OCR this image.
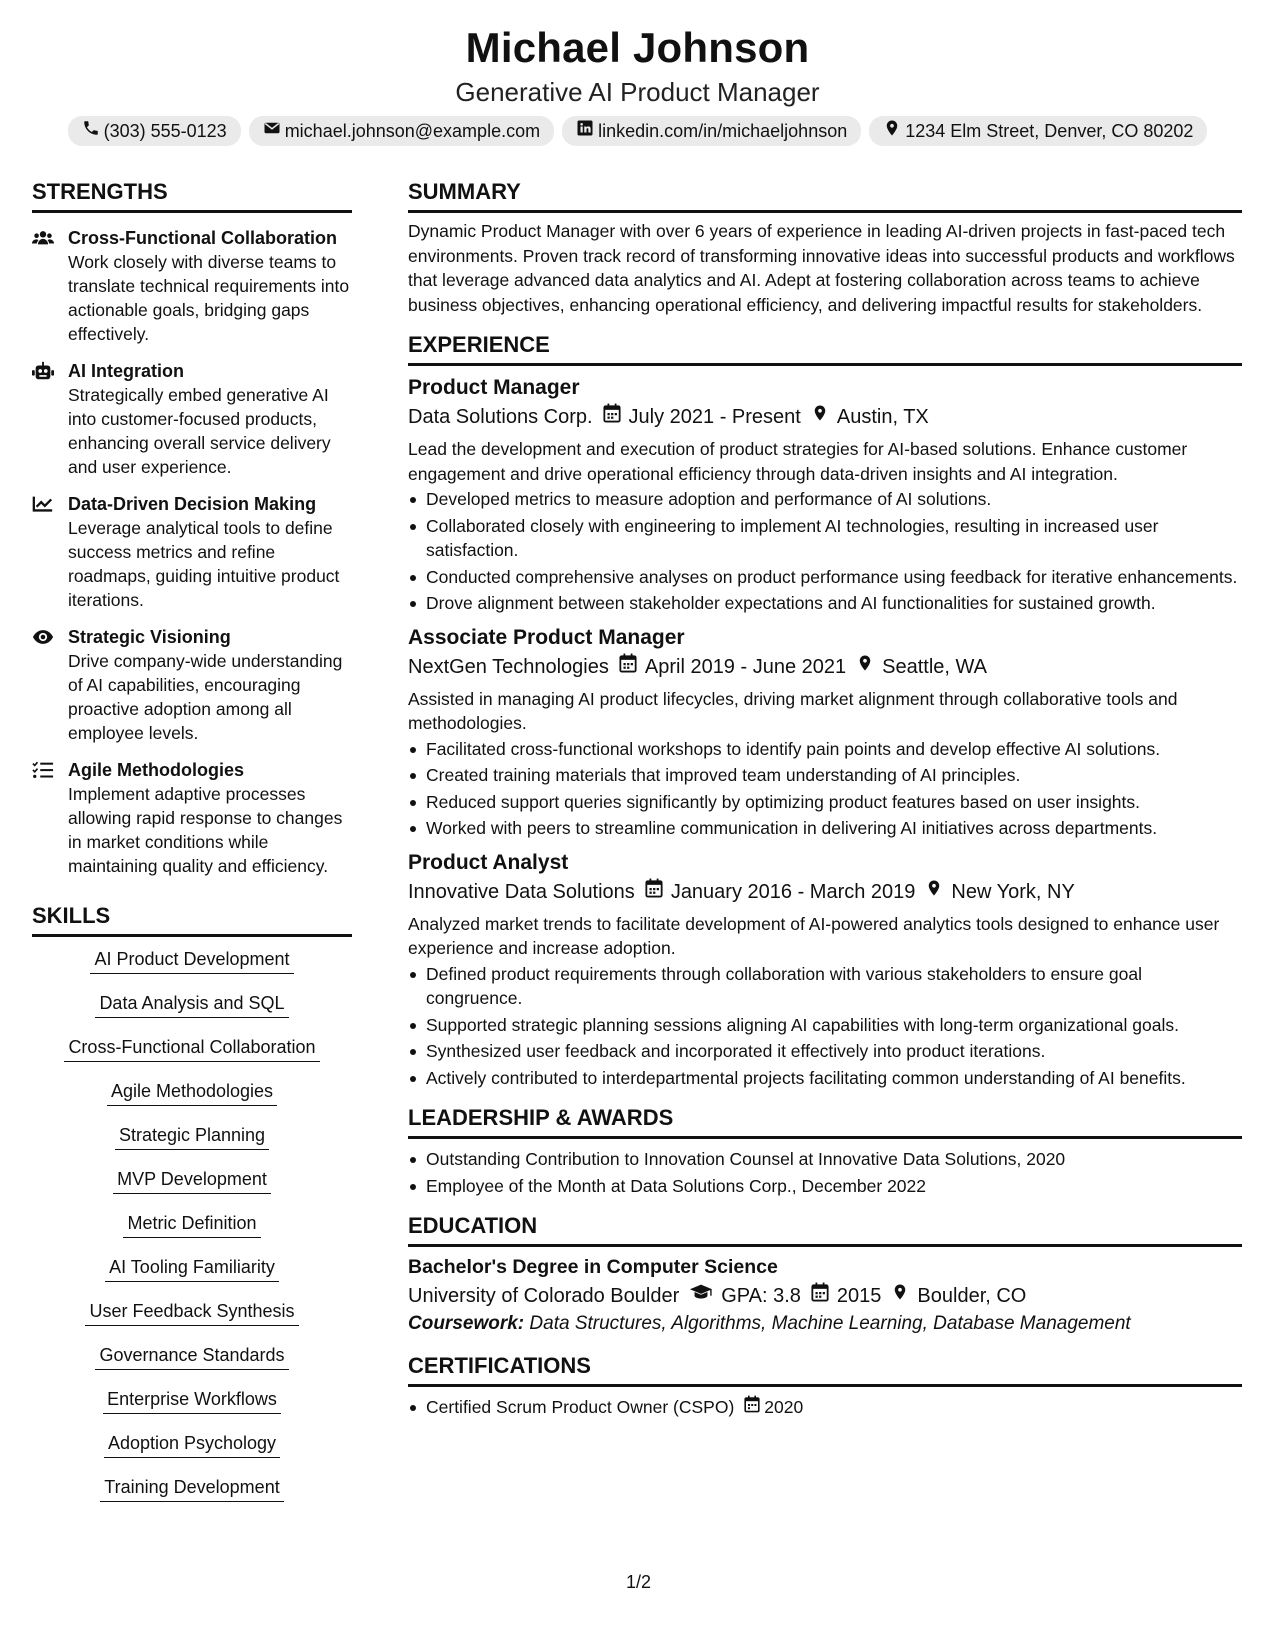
Michael Johnson
Generative AI Product Manager
(303) 555-0123	michael.johnson@example.com	linkedin.com/in/michaeljohnson	1234 Elm Street, Denver, CO 80202
STRENGTHS
Cross-Functional Collaboration
Work closely with diverse teams to translate technical requirements into actionable goals, bridging gaps effectively.
AI Integration
Strategically embed generative AI into customer-focused products, enhancing overall service delivery and user experience.
Data-Driven Decision Making
Leverage analytical tools to define success metrics and refine roadmaps, guiding intuitive product iterations.
Strategic Visioning
Drive company-wide understanding of AI capabilities, encouraging proactive adoption among all employee levels.
Agile Methodologies
Implement adaptive processes allowing rapid response to changes in market conditions while maintaining quality and efficiency.
SKILLS
AI Product Development
Data Analysis and SQL
Cross-Functional Collaboration
Agile Methodologies
Strategic Planning
MVP Development
Metric Definition
AI Tooling Familiarity
User Feedback Synthesis
Governance Standards
Enterprise Workflows
Adoption Psychology
Training Development
SUMMARY
Dynamic Product Manager with over 6 years of experience in leading AI-driven projects in fast-paced tech environments. Proven track record of transforming innovative ideas into successful products and workflows that leverage advanced data analytics and AI. Adept at fostering collaboration across teams to achieve business objectives, enhancing operational efficiency, and delivering impactful results for stakeholders.
EXPERIENCE
Product Manager
Data Solutions Corp. July 2021 - Present Austin, TX
Lead the development and execution of product strategies for AI-based solutions. Enhance customer engagement and drive operational efficiency through data-driven insights and AI integration.
Developed metrics to measure adoption and performance of AI solutions.
Collaborated closely with engineering to implement AI technologies, resulting in increased user satisfaction.
Conducted comprehensive analyses on product performance using feedback for iterative enhancements.
Drove alignment between stakeholder expectations and AI functionalities for sustained growth.
Associate Product Manager
NextGen Technologies April 2019 - June 2021 Seattle, WA
Assisted in managing AI product lifecycles, driving market alignment through collaborative tools and methodologies.
Facilitated cross-functional workshops to identify pain points and develop effective AI solutions.
Created training materials that improved team understanding of AI principles.
Reduced support queries significantly by optimizing product features based on user insights.
Worked with peers to streamline communication in delivering AI initiatives across departments.
Product Analyst
Innovative Data Solutions January 2016 - March 2019 New York, NY
Analyzed market trends to facilitate development of AI-powered analytics tools designed to enhance user experience and increase adoption.
Defined product requirements through collaboration with various stakeholders to ensure goal congruence.
Supported strategic planning sessions aligning AI capabilities with long-term organizational goals.
Synthesized user feedback and incorporated it effectively into product iterations.
Actively contributed to interdepartmental projects facilitating common understanding of AI benefits.
LEADERSHIP & AWARDS
Outstanding Contribution to Innovation Counsel at Innovative Data Solutions, 2020
Employee of the Month at Data Solutions Corp., December 2022
EDUCATION
Bachelor's Degree in Computer Science
University of Colorado Boulder GPA: 3.8 2015 Boulder, CO
Coursework: Data Structures, Algorithms, Machine Learning, Database Management
CERTIFICATIONS
Certified Scrum Product Owner (CSPO) 2020
1/2
